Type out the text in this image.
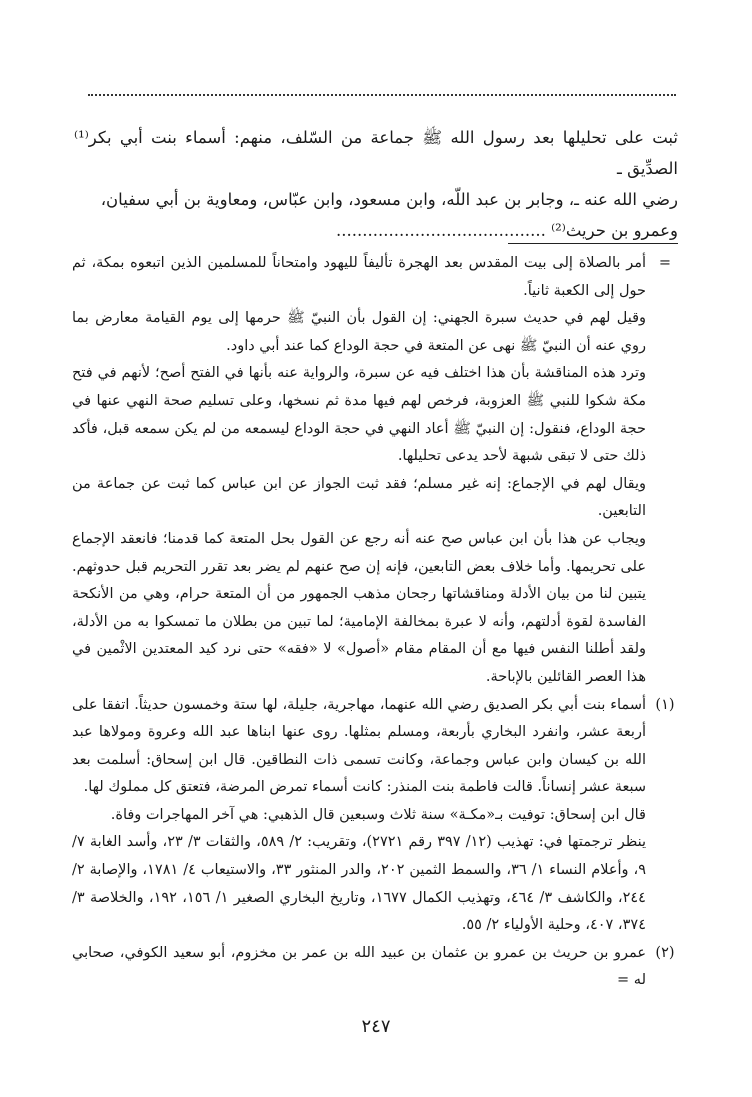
ثبت على تحليلها بعد رسول الله ﷺ جماعة من السّلف، منهم: أسماء بنت أبي بكر⁽¹⁾ الصدِّيق ـ

رضي الله عنه ـ، وجابر بن عبد اللّه، وابن مسعود، وابن عبّاس، ومعاوية بن أبي سفيان،

وعمرو بن حريث⁽²⁾ ........................................

=

أمر بالصلاة إلى بيت المقدس بعد الهجرة تأليفاً لليهود وامتحاناً للمسلمين الذين اتبعوه بمكة، ثم حول إلى الكعبة ثانياً.

وقيل لهم في حديث سبرة الجهني: إن القول بأن النبيّ ﷺ حرمها إلى يوم القيامة معارض بما روي عنه أن النبيّ ﷺ نهى عن المتعة في حجة الوداع كما عند أبي داود.

وترد هذه المناقشة بأن هذا اختلف فيه عن سبرة، والرواية عنه بأنها في الفتح أصح؛ لأنهم في فتح مكة شكوا للنبي ﷺ العزوبة، فرخص لهم فيها مدة ثم نسخها، وعلى تسليم صحة النهي عنها في حجة الوداع، فنقول: إن النبيّ ﷺ أعاد النهي في حجة الوداع ليسمعه من لم يكن سمعه قبل، فأكد ذلك حتى لا تبقى شبهة لأحد يدعى تحليلها.

ويقال لهم في الإجماع: إنه غير مسلم؛ فقد ثبت الجواز عن ابن عباس كما ثبت عن جماعة من التابعين.

ويجاب عن هذا بأن ابن عباس صح عنه أنه رجع عن القول بحل المتعة كما قدمنا؛ فانعقد الإجماع على تحريمها. وأما خلاف بعض التابعين، فإنه إن صح عنهم لم يضر بعد تقرر التحريم قبل حدوثهم. يتبين لنا من بيان الأدلة ومناقشاتها رجحان مذهب الجمهور من أن المتعة حرام، وهي من الأنكحة الفاسدة لقوة أدلتهم، وأنه لا عبرة بمخالفة الإمامية؛ لما تبين من بطلان ما تمسكوا به من الأدلة، ولقد أطلنا النفس فيها مع أن المقام مقام «أصول» لا «فقه» حتى نرد كيد المعتدين الاثْمين في هذا العصر القائلين بالإباحة.

(١)

أسماء بنت أبي بكر الصديق رضي الله عنهما، مهاجرية، جليلة، لها ستة وخمسون حديثاً. اتفقا على أربعة عشر، وانفرد البخاري بأربعة، ومسلم بمثلها. روى عنها ابناها عبد الله وعروة ومولاها عبد الله بن كيسان وابن عباس وجماعة، وكانت تسمى ذات النطاقين. قال ابن إسحاق: أسلمت بعد سبعة عشر إنساناً. قالت فاطمة بنت المنذر: كانت أسماء تمرض المرضة، فتعتق كل مملوك لها.

قال ابن إسحاق: توفيت بـ«مكـة» سنة ثلاث وسبعين قال الذهبي: هي آخر المهاجرات وفاة.

ينظر ترجمتها في: تهذيب (١٢/ ٣٩٧ رقم ٢٧٢١)، وتقريب: ٢/ ٥٨٩، والثقات ٣/ ٢٣، وأسد الغابة ٧/ ٩، وأعلام النساء ١/ ٣٦، والسمط الثمين ٢٠٢، والدر المنثور ٣٣، والاستيعاب ٤/ ١٧٨١، والإصابة ٢/ ٢٤٤، والكاشف ٣/ ٤٦٤، وتهذيب الكمال ١٦٧٧، وتاريخ البخاري الصغير ١/ ١٥٦، ١٩٢، والخلاصة ٣/ ٣٧٤، ٤٠٧، وحلية الأولياء ٢/ ٥٥.

(٢)

عمرو بن حريث بن عمرو بن عثمان بن عبيد الله بن عمر بن مخزوم، أبو سعيد الكوفي، صحابي له =

٢٤٧
